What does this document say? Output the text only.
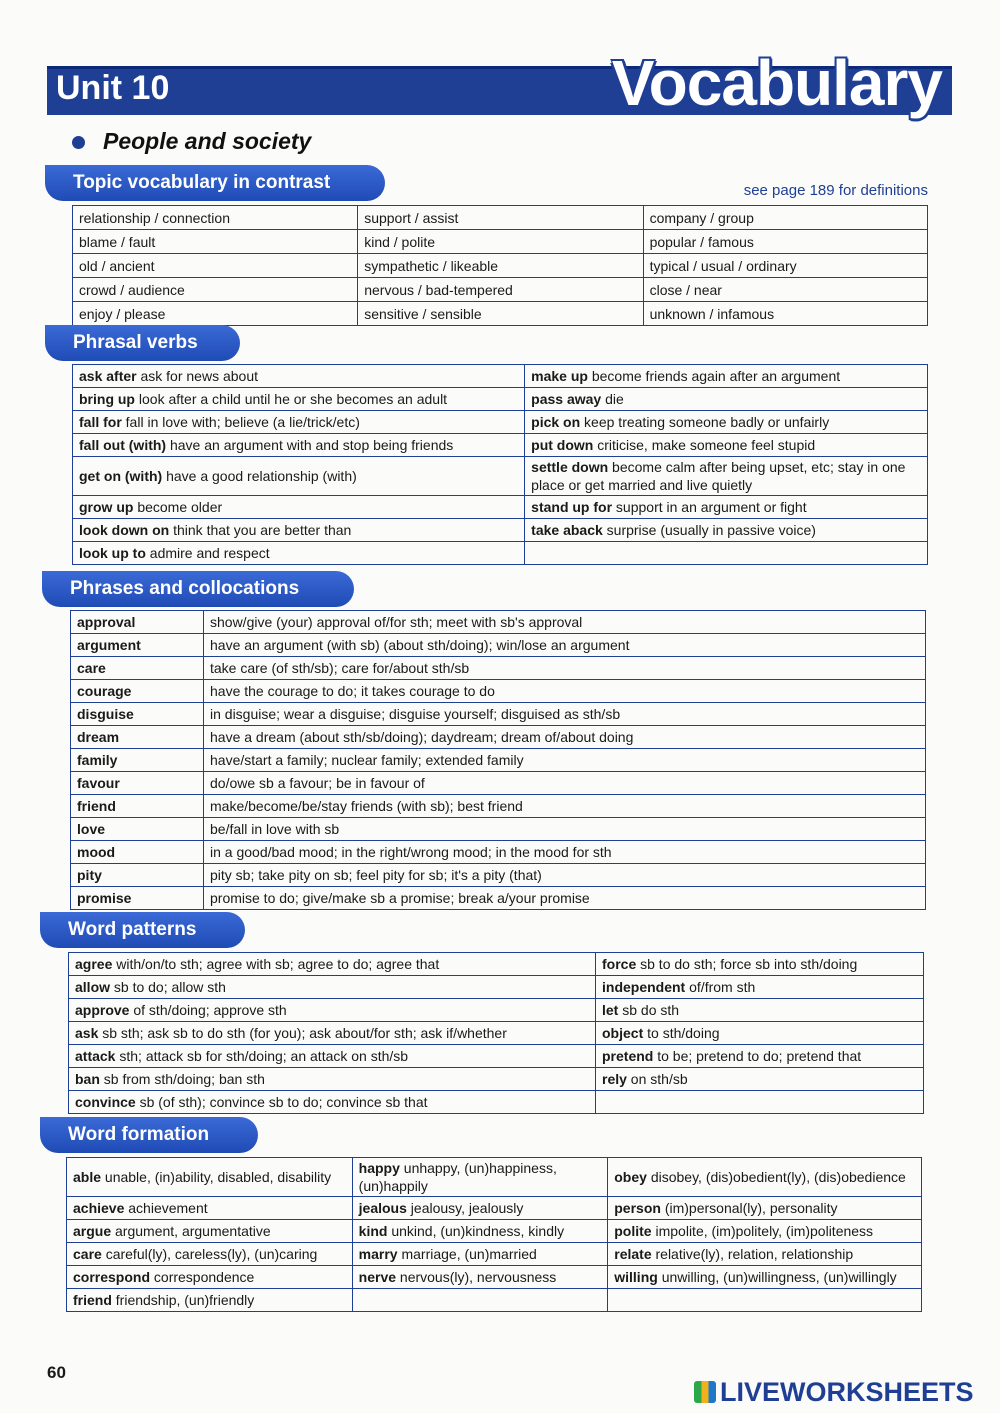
Unit 10	Vocabulary
People and society
Topic vocabulary in contrast	see page 189 for definitions
relationship / connection	support / assist	company / group
blame / fault	kind / polite	popular / famous
old / ancient	sympathetic / likeable	typical / usual / ordinary
crowd / audience	nervous / bad-tempered	close / near
enjoy / please	sensitive / sensible	unknown / infamous
Phrasal verbs
ask after ask for news about	make up become friends again after an argument
bring up look after a child until he or she becomes an adult	pass away die
fall for fall in love with; believe (a lie/trick/etc)	pick on keep treating someone badly or unfairly
fall out (with) have an argument with and stop being friends	put down criticise, make someone feel stupid
get on (with) have a good relationship (with)	settle down become calm after being upset, etc; stay in one place or get married and live quietly
grow up become older	stand up for support in an argument or fight
look down on think that you are better than	take aback surprise (usually in passive voice)
look up to admire and respect	
Phrases and collocations
approval	show/give (your) approval of/for sth; meet with sb's approval
argument	have an argument (with sb) (about sth/doing); win/lose an argument
care	take care (of sth/sb); care for/about sth/sb
courage	have the courage to do; it takes courage to do
disguise	in disguise; wear a disguise; disguise yourself; disguised as sth/sb
dream	have a dream (about sth/sb/doing); daydream; dream of/about doing
family	have/start a family; nuclear family; extended family
favour	do/owe sb a favour; be in favour of
friend	make/become/be/stay friends (with sb); best friend
love	be/fall in love with sb
mood	in a good/bad mood; in the right/wrong mood; in the mood for sth
pity	pity sb; take pity on sb; feel pity for sb; it's a pity (that)
promise	promise to do; give/make sb a promise; break a/your promise
Word patterns
agree with/on/to sth; agree with sb; agree to do; agree that	force sb to do sth; force sb into sth/doing
allow sb to do; allow sth	independent of/from sth
approve of sth/doing; approve sth	let sb do sth
ask sb sth; ask sb to do sth (for you); ask about/for sth; ask if/whether	object to sth/doing
attack sth; attack sb for sth/doing; an attack on sth/sb	pretend to be; pretend to do; pretend that
ban sb from sth/doing; ban sth	rely on sth/sb
convince sb (of sth); convince sb to do; convince sb that	
Word formation
able unable, (in)ability, disabled, disability	happy unhappy, (un)happiness, (un)happily	obey disobey, (dis)obedient(ly), (dis)obedience
achieve achievement	jealous jealousy, jealously	person (im)personal(ly), personality
argue argument, argumentative	kind unkind, (un)kindness, kindly	polite impolite, (im)politely, (im)politeness
care careful(ly), careless(ly), (un)caring	marry marriage, (un)married	relate relative(ly), relation, relationship
correspond correspondence	nerve nervous(ly), nervousness	willing unwilling, (un)willingness, (un)willingly
friend friendship, (un)friendly		
60
LIVEWORKSHEETS
